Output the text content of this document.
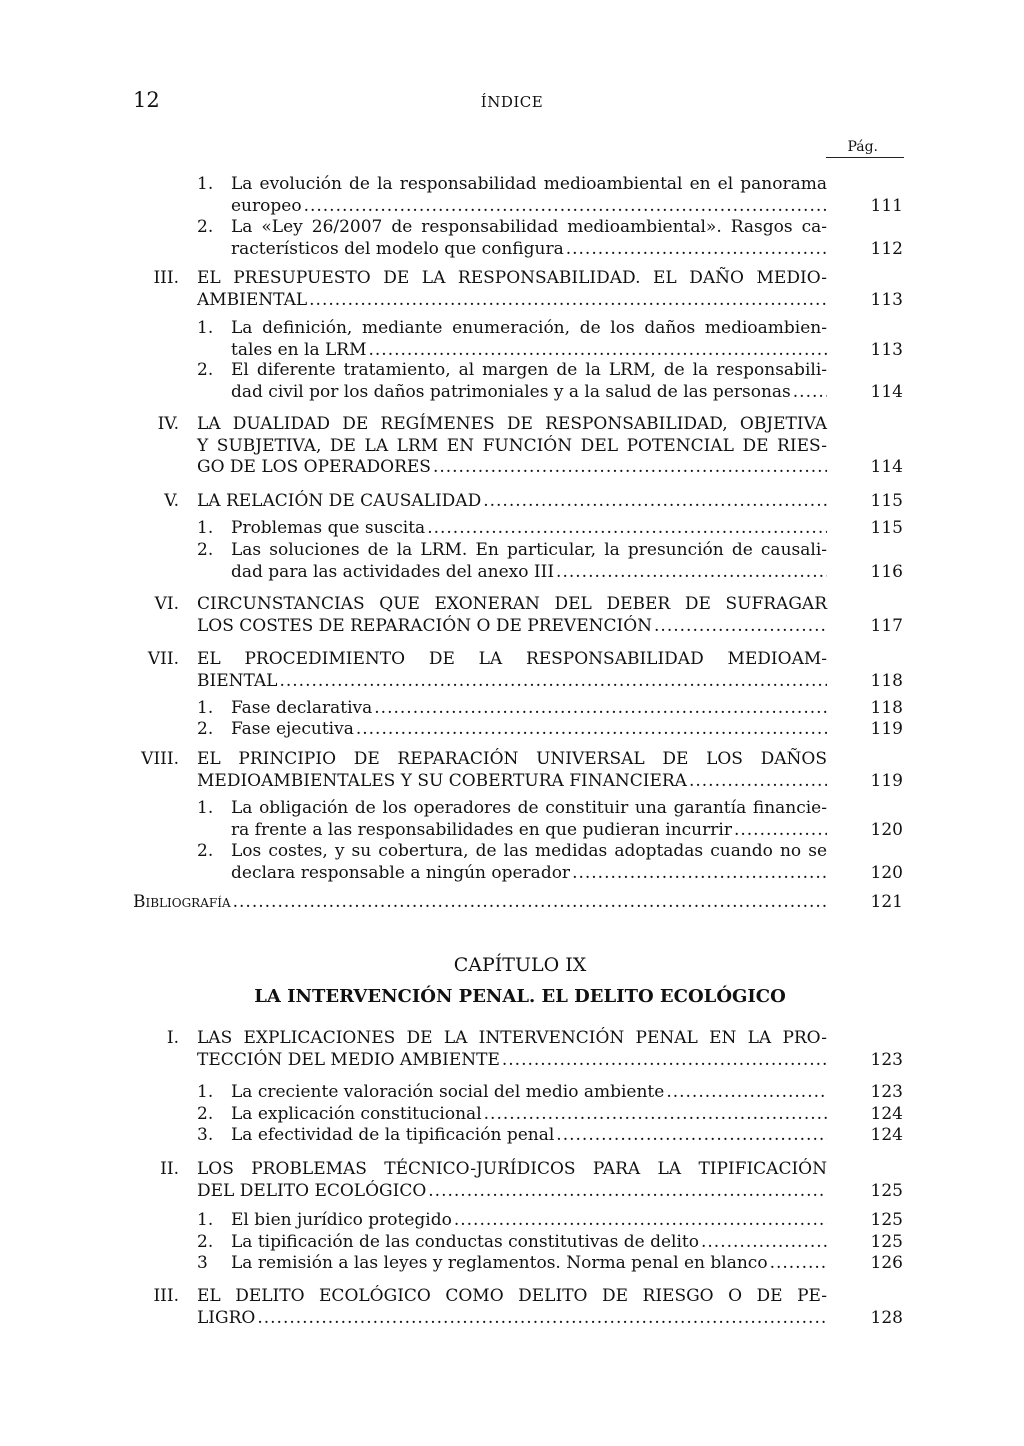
12	ÍNDICE
Pág.
1. La evolución de la responsabilidad medioambiental en el panorama
europeo .....	111
2. La «Ley 26/2007 de responsabilidad medioambiental». Rasgos ca-
racterísticos del modelo que configura .....	112
III. EL PRESUPUESTO DE LA RESPONSABILIDAD. EL DAÑO MEDIO-
AMBIENTAL .....	113
1. La definición, mediante enumeración, de los daños medioambien-
tales en la LRM .....	113
2. El diferente tratamiento, al margen de la LRM, de la responsabili-
dad civil por los daños patrimoniales y a la salud de las personas .....	114
IV. LA DUALIDAD DE REGÍMENES DE RESPONSABILIDAD, OBJETIVA
Y SUBJETIVA, DE LA LRM EN FUNCIÓN DEL POTENCIAL DE RIES-
GO DE LOS OPERADORES .....	114
V. LA RELACIÓN DE CAUSALIDAD .....	115
1. Problemas que suscita .....	115
2. Las soluciones de la LRM. En particular, la presunción de causali-
dad para las actividades del anexo III .....	116
VI. CIRCUNSTANCIAS QUE EXONERAN DEL DEBER DE SUFRAGAR
LOS COSTES DE REPARACIÓN O DE PREVENCIÓN .....	117
VII. EL PROCEDIMIENTO DE LA RESPONSABILIDAD MEDIOAM-
BIENTAL .....	118
1. Fase declarativa .....	118
2. Fase ejecutiva .....	119
VIII. EL PRINCIPIO DE REPARACIÓN UNIVERSAL DE LOS DAÑOS
MEDIOAMBIENTALES Y SU COBERTURA FINANCIERA .....	119
1. La obligación de los operadores de constituir una garantía financie-
ra frente a las responsabilidades en que pudieran incurrir .....	120
2. Los costes, y su cobertura, de las medidas adoptadas cuando no se
declara responsable a ningún operador .....	120
Bibliografía .....	121
CAPÍTULO IX
LA INTERVENCIÓN PENAL. EL DELITO ECOLÓGICO
I. LAS EXPLICACIONES DE LA INTERVENCIÓN PENAL EN LA PRO-
TECCIÓN DEL MEDIO AMBIENTE .....	123
1. La creciente valoración social del medio ambiente .....	123
2. La explicación constitucional .....	124
3. La efectividad de la tipificación penal .....	124
II. LOS PROBLEMAS TÉCNICO-JURÍDICOS PARA LA TIPIFICACIÓN
DEL DELITO ECOLÓGICO .....	125
1. El bien jurídico protegido .....	125
2. La tipificación de las conductas constitutivas de delito .....	125
3 La remisión a las leyes y reglamentos. Norma penal en blanco .....	126
III. EL DELITO ECOLÓGICO COMO DELITO DE RIESGO O DE PE-
LIGRO .....	128
